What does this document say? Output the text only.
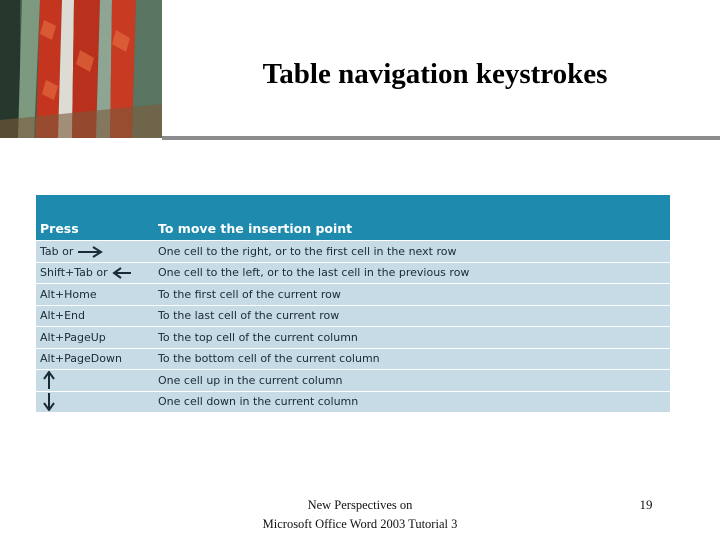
Table navigation keystrokes
Press	To move the insertion point
Tab or	One cell to the right, or to the first cell in the next row
Shift+Tab or	One cell to the left, or to the last cell in the previous row
Alt+Home	To the first cell of the current row
Alt+End	To the last cell of the current row
Alt+PageUp	To the top cell of the current column
Alt+PageDown	To the bottom cell of the current column
	One cell up in the current column
	One cell down in the current column
New Perspectives on
Microsoft Office Word 2003 Tutorial 3
19
